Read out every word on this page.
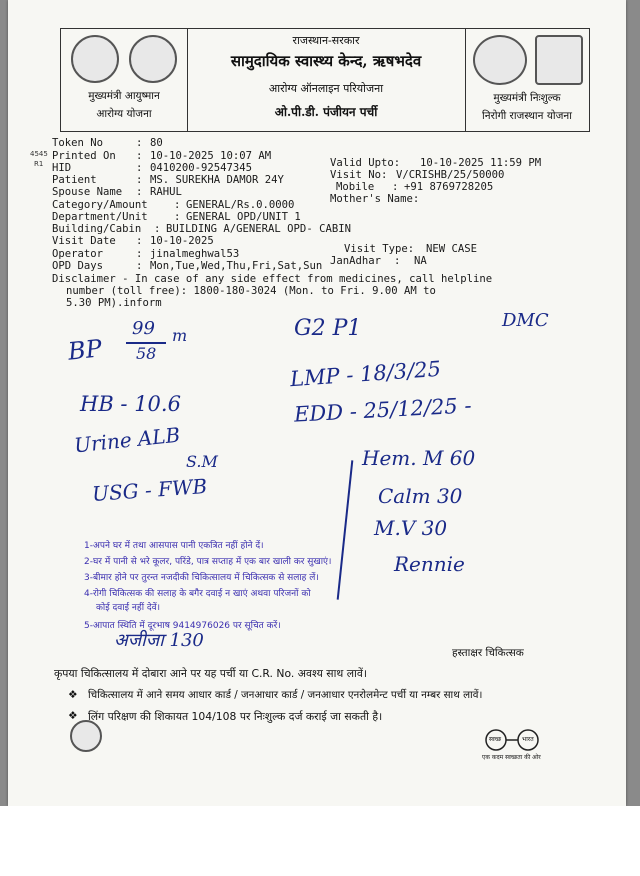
मुख्यमंत्री आयुष्मान
आरोग्य योजना
राजस्थान-सरकार
सामुदायिक स्वास्थ्य केन्द, ऋषभदेव
आरोग्य ऑनलाइन परियोजना
ओ.पी.डी. पंजीयन पर्ची
मुख्यमंत्री निःशुल्क
निरोगी राजस्थान योजना
4545
R1
Token No	: 80
Printed On : 10-10-2025 10:07 AM
Valid Upto: 10-10-2025 11:59 PM
HID	: 0410200-92547345
Visit No: V/CRISHB/25/50000
Patient	: MS. SUREKHA DAMOR 24Y
Mobile : +91 8769728205
Spouse Name : RAHUL
Mother's Name:
Category/Amount : GENERAL/Rs.0.0000
Department/Unit : GENERAL OPD/UNIT 1
Building/Cabin : BUILDING A/GENERAL OPD- CABIN
Visit Date : 10-10-2025
Visit Type: NEW CASE
Operator	: jinalmeghwal53
JanAdhar : NA
OPD Days	: Mon,Tue,Wed,Thu,Fri,Sat,Sun
Disclaimer - In case of any side effect from medicines, call helpline
number (toll free): 1800-180-3024 (Mon. to Fri. 9.00 AM to
5.30 PM).inform
BP
99
58
m	G2 P1	DMC
LMP - 18/3/25
HB - 10.6	EDD - 25/12/25 -
Urine ALB
S.M
USG - FWB
Hem. M 60
Calm 30
M.V 30
Rennie
1-अपने घर में तथा आसपास पानी एकत्रित नहीं होने दें।
2-घर में पानी से भरे कूलर, परिंडे, पात्र सप्ताह में एक बार खाली कर सुखाएं।
3-बीमार होने पर तुरन्त नजदीकी चिकित्सालय में चिकित्सक से सलाह लें।
4-रोगी चिकित्सक की सलाह के बगैर दवाई न खाएं अथवा परिजनों को
कोई दवाई नहीं देवें।
5-आपात स्थिति में दूरभाष 9414976026 पर सूचित करें।
अजीजा 130
हस्ताक्षर चिकित्सक
कृपया चिकित्सालय में दोबारा आने पर यह पर्ची या C.R. No. अवश्य साथ लावें।
❖ चिकित्सालय में आने समय आधार कार्ड / जनआधार कार्ड / जनआधार एनरोलमेन्ट पर्ची या नम्बर साथ लावें।
❖ लिंग परिक्षण की शिकायत 104/108 पर निःशुल्क दर्ज कराई जा सकती है।
स्वच्छ	भारत
एक कदम स्वच्छता की ओर
